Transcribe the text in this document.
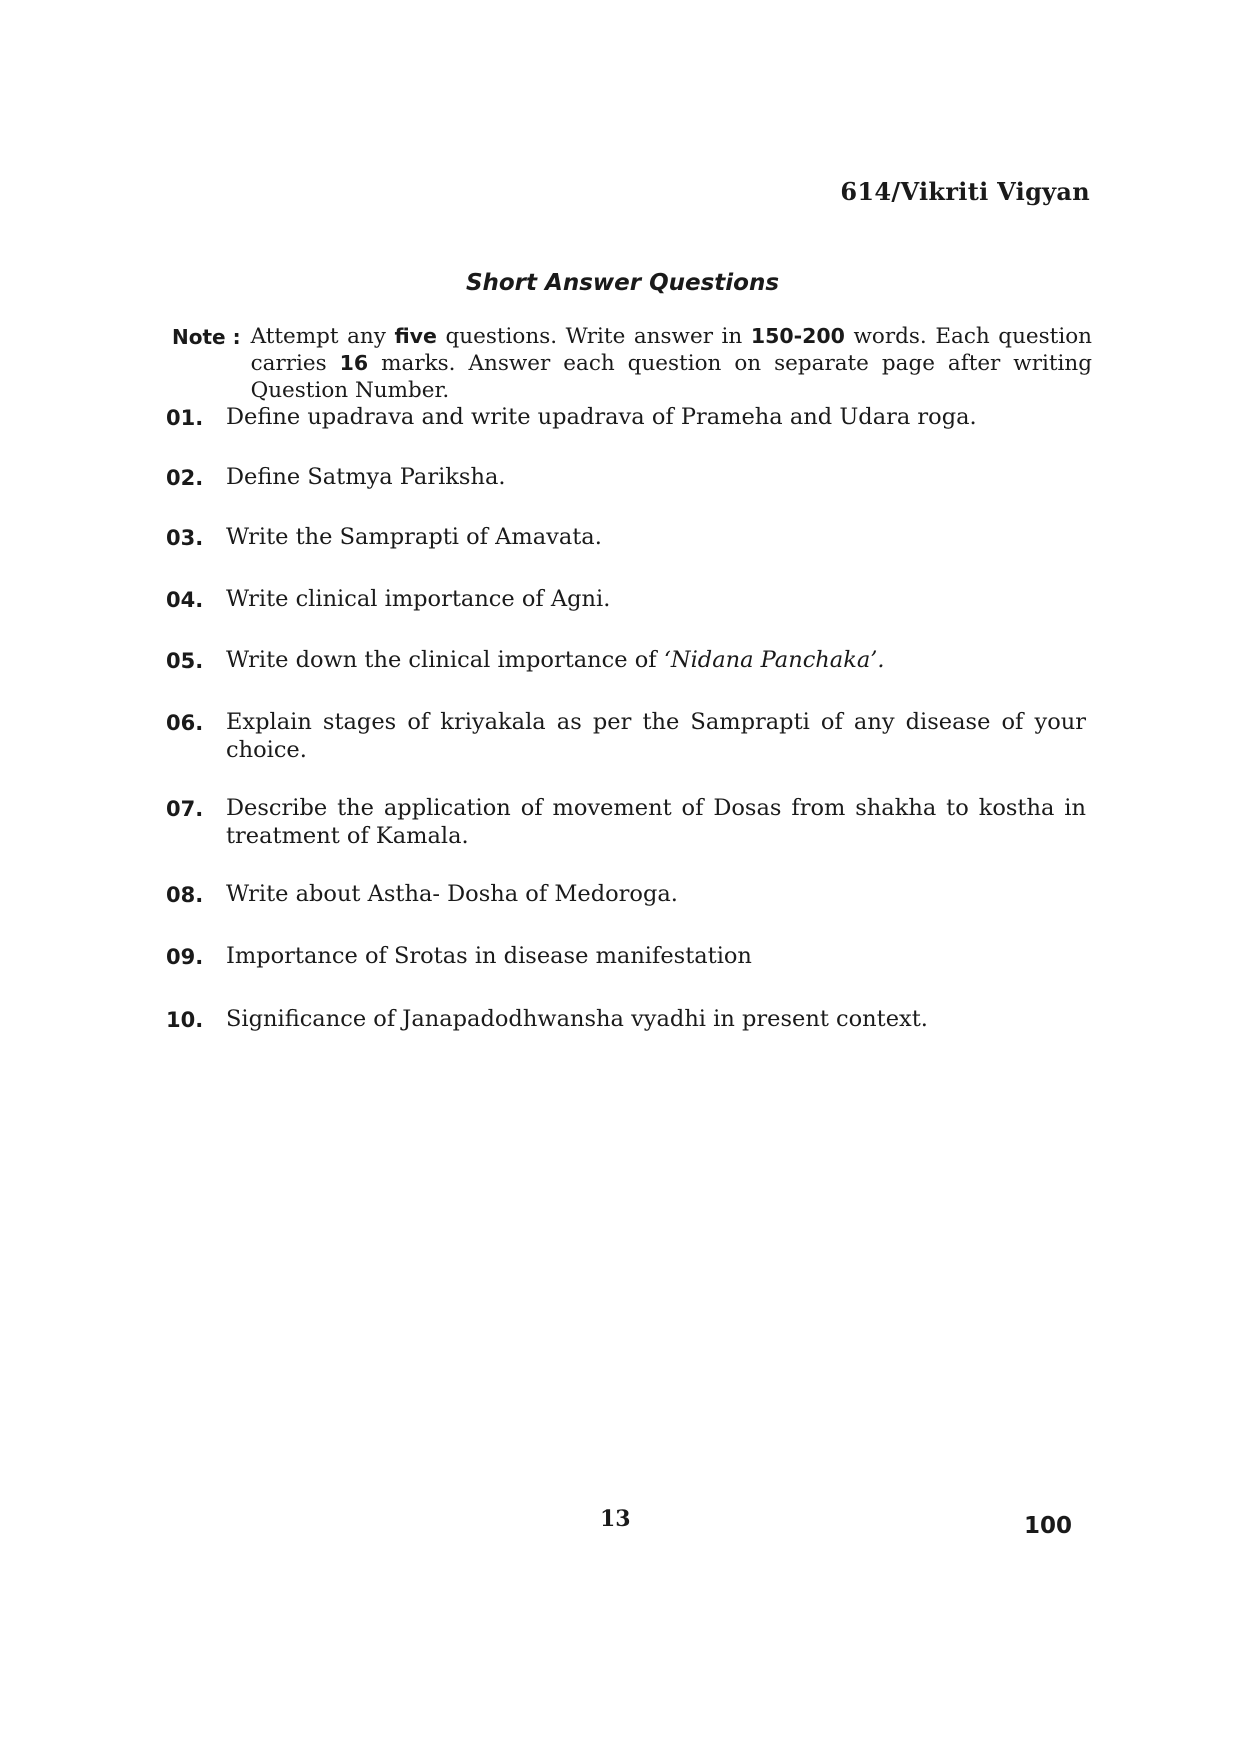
614/Vikriti Vigyan
Short Answer Questions
Note : Attempt any five questions. Write answer in 150-200 words. Each question carries 16 marks. Answer each question on separate page after writing Question Number.
01.	Define upadrava and write upadrava of Prameha and Udara roga.
02.	Define Satmya Pariksha.
03.	Write the Samprapti of Amavata.
04.	Write clinical importance of Agni.
05.	Write down the clinical importance of ‘Nidana Panchaka’.
06.	Explain stages of kriyakala as per the Samprapti of any disease of your choice.
07.	Describe the application of movement of Dosas from shakha to kostha in treatment of Kamala.
08.	Write about Astha- Dosha of Medoroga.
09.	Importance of Srotas in disease manifestation
10.	Significance of Janapadodhwansha vyadhi in present context.
13	100
